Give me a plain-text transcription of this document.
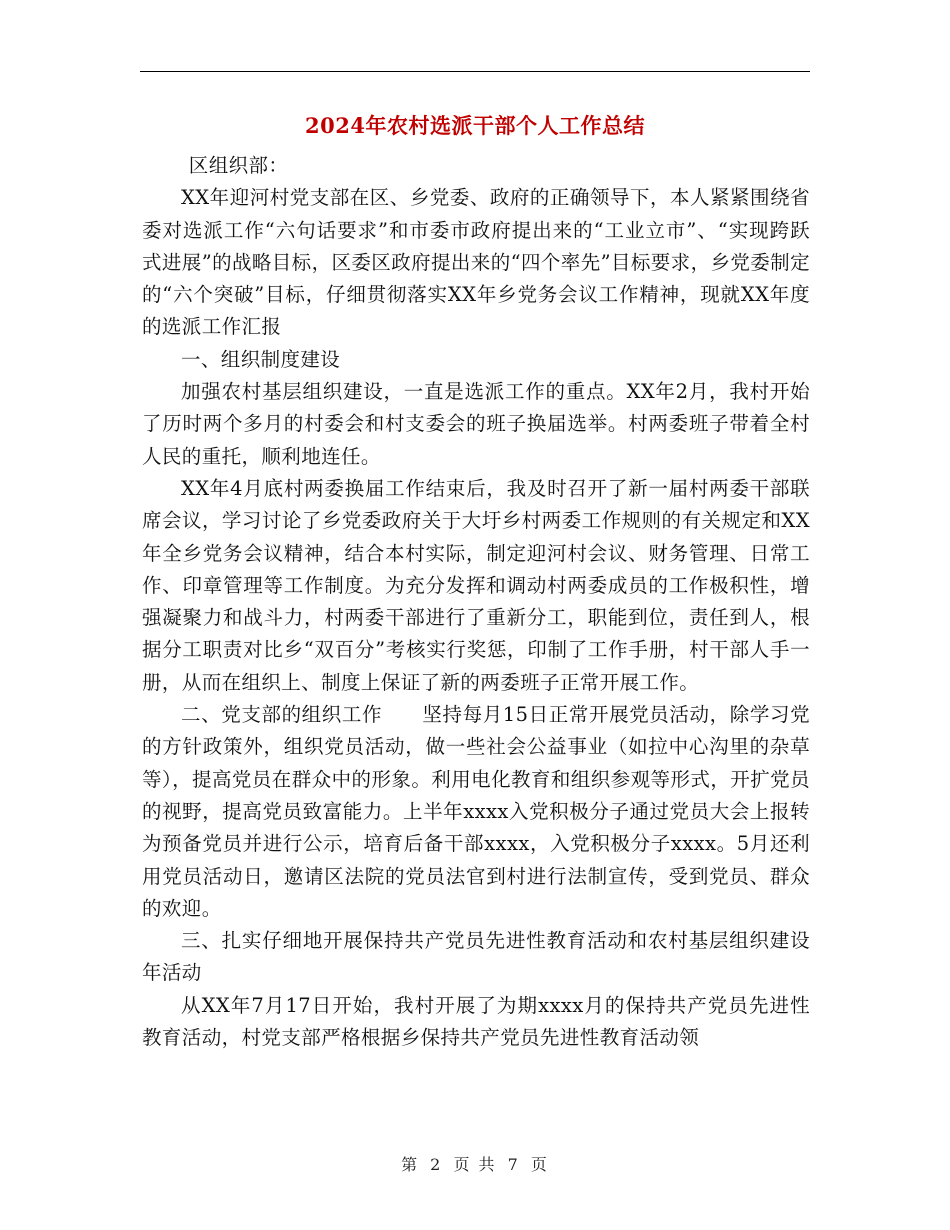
2024年农村选派干部个人工作总结

区组织部：

XX年迎河村党支部在区、乡党委、政府的正确领导下，本人紧紧围绕省委对选派工作“六句话要求”和市委市政府提出来的“工业立市”、“实现跨跃式进展”的战略目标，区委区政府提出来的“四个率先”目标要求，乡党委制定的“六个突破”目标，仔细贯彻落实XX年乡党务会议工作精神，现就XX年度的选派工作汇报

一、组织制度建设

加强农村基层组织建设，一直是选派工作的重点。XX年2月，我村开始了历时两个多月的村委会和村支委会的班子换届选举。村两委班子带着全村人民的重托，顺利地连任。

XX年4月底村两委换届工作结束后，我及时召开了新一届村两委干部联席会议，学习讨论了乡党委政府关于大圩乡村两委工作规则的有关规定和XX年全乡党务会议精神，结合本村实际，制定迎河村会议、财务管理、日常工作、印章管理等工作制度。为充分发挥和调动村两委成员的工作极积性，增强凝聚力和战斗力，村两委干部进行了重新分工，职能到位，责任到人，根据分工职责对比乡“双百分”考核实行奖惩，印制了工作手册，村干部人手一册，从而在组织上、制度上保证了新的两委班子正常开展工作。

二、党支部的组织工作　　坚持每月15日正常开展党员活动，除学习党的方针政策外，组织党员活动，做一些社会公益事业（如拉中心沟里的杂草等），提高党员在群众中的形象。利用电化教育和组织参观等形式，开扩党员的视野，提高党员致富能力。上半年xxxx入党积极分子通过党员大会上报转为预备党员并进行公示，培育后备干部xxxx，入党积极分子xxxx。5月还利用党员活动日，邀请区法院的党员法官到村进行法制宣传，受到党员、群众的欢迎。

三、扎实仔细地开展保持共产党员先进性教育活动和农村基层组织建设年活动

从XX年7月17日开始，我村开展了为期xxxx月的保持共产党员先进性教育活动，村党支部严格根据乡保持共产党员先进性教育活动领

第 2 页 共 7 页
